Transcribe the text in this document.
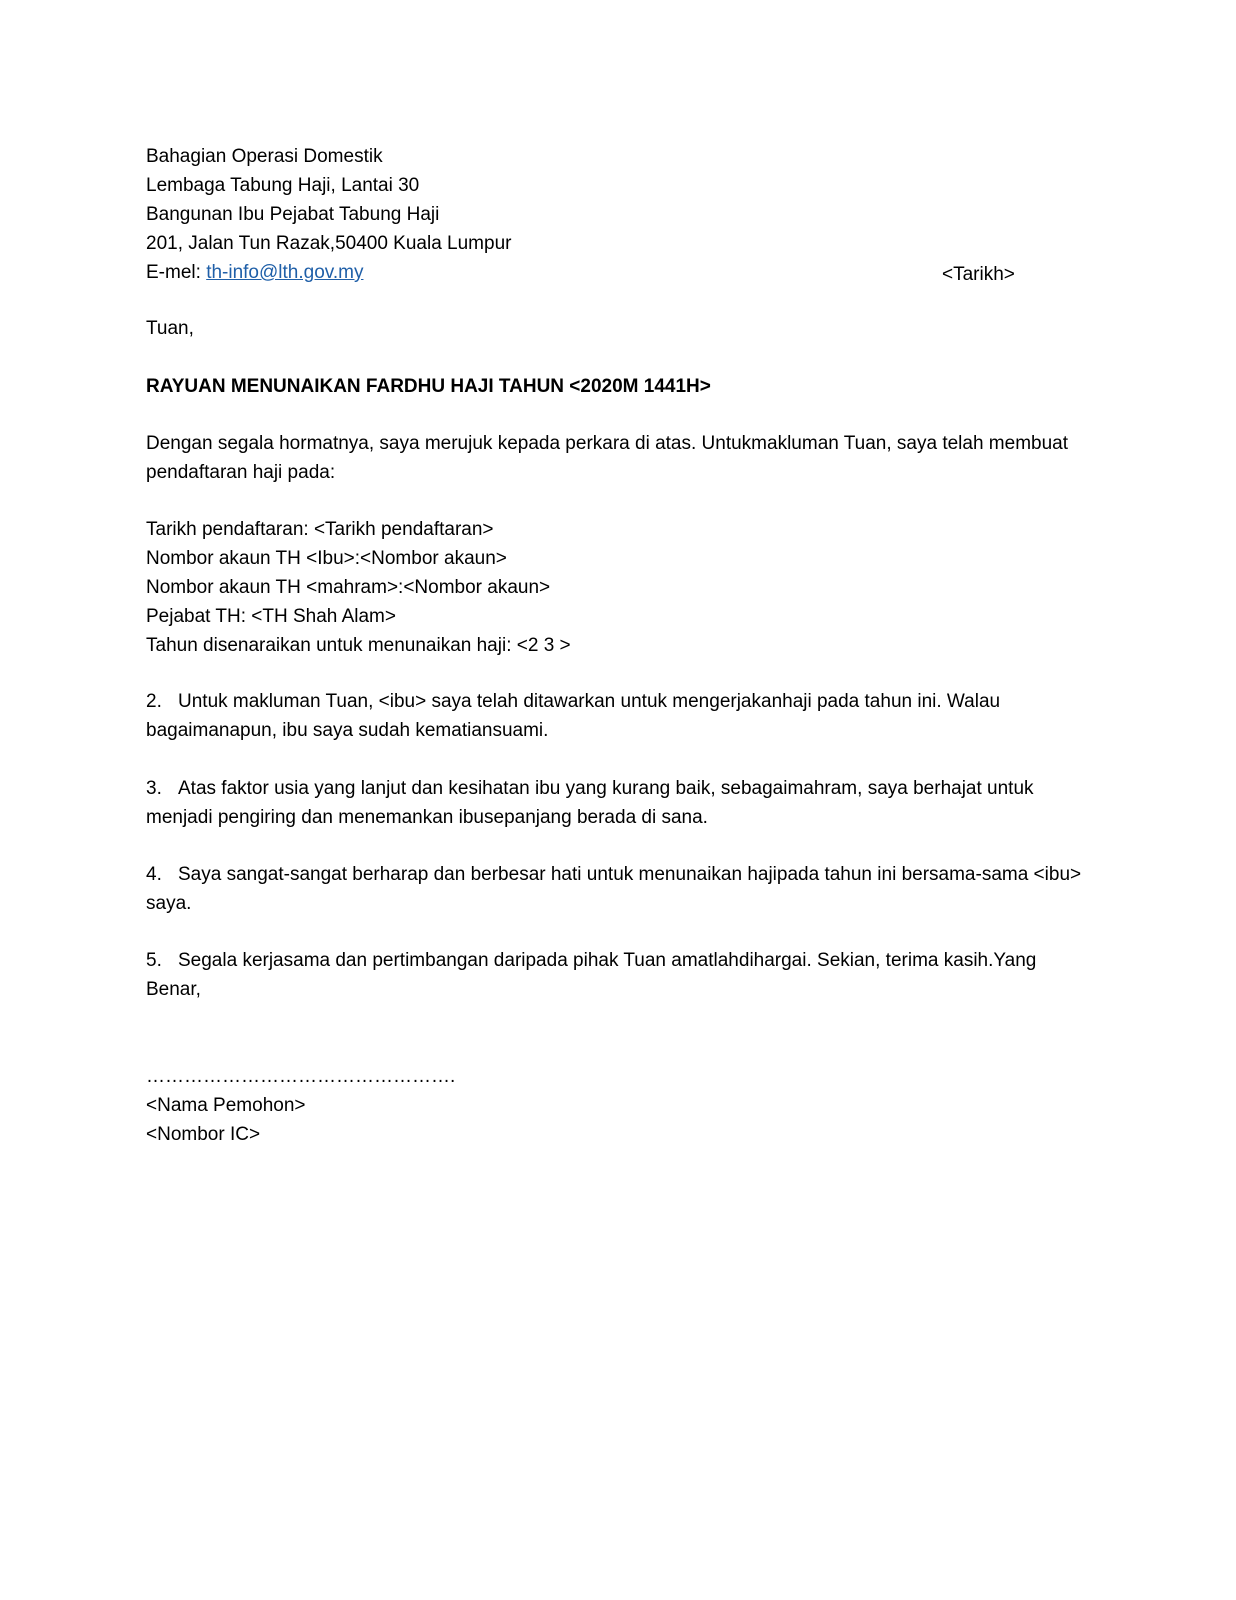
Bahagian Operasi Domestik
Lembaga Tabung Haji, Lantai 30
Bangunan Ibu Pejabat Tabung Haji
201, Jalan Tun Razak,50400 Kuala Lumpur
E-mel: th-info@lth.gov.my	<Tarikh>
Tuan,
RAYUAN MENUNAIKAN FARDHU HAJI TAHUN <2020M 1441H>
Dengan segala hormatnya, saya merujuk kepada perkara di atas. Untukmakluman Tuan, saya telah membuat pendaftaran haji pada:
Tarikh pendaftaran: <Tarikh pendaftaran>
Nombor akaun TH <Ibu>:<Nombor akaun>
Nombor akaun TH <mahram>:<Nombor akaun>
Pejabat TH: <TH Shah Alam>
Tahun disenaraikan untuk menunaikan haji: <2 3 >
2. Untuk makluman Tuan, <ibu> saya telah ditawarkan untuk mengerjakanhaji pada tahun ini. Walau bagaimanapun, ibu saya sudah kematiansuami.
3. Atas faktor usia yang lanjut dan kesihatan ibu yang kurang baik, sebagaimahram, saya berhajat untuk menjadi pengiring dan menemankan ibusepanjang berada di sana.
4. Saya sangat-sangat berharap dan berbesar hati untuk menunaikan hajipada tahun ini bersama-sama <ibu> saya.
5. Segala kerjasama dan pertimbangan daripada pihak Tuan amatlahdihargai. Sekian, terima kasih.Yang Benar,
………………………………………….
<Nama Pemohon>
<Nombor IC>
